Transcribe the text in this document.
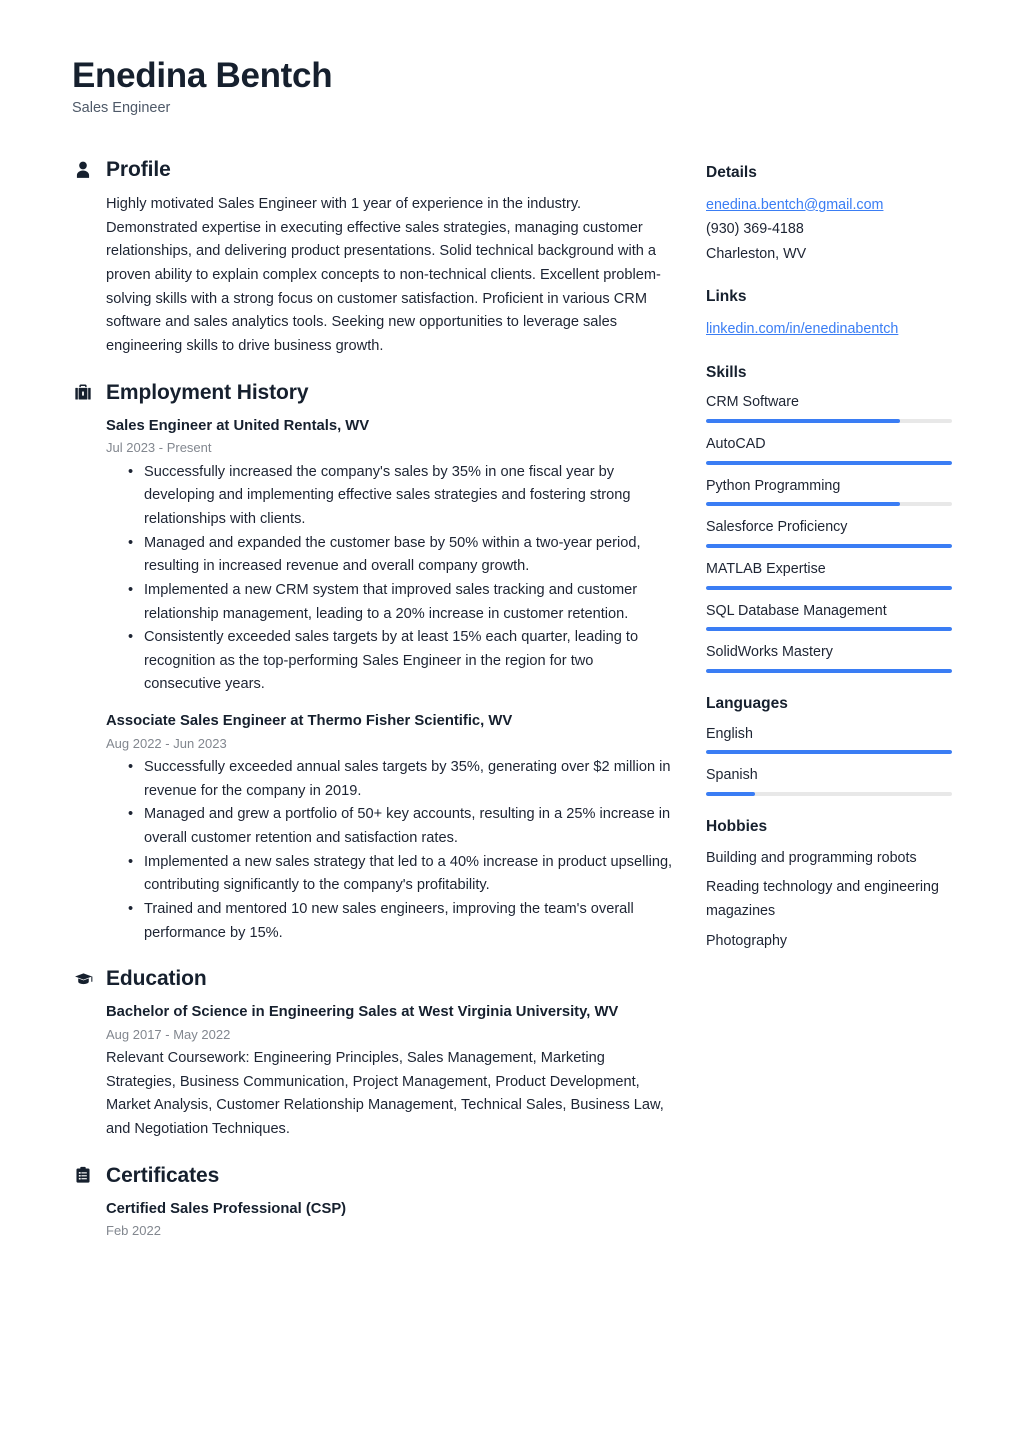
Enedina Bentch

Sales Engineer

Profile

Highly motivated Sales Engineer with 1 year of experience in the industry. Demonstrated expertise in executing effective sales strategies, managing customer relationships, and delivering product presentations. Solid technical background with a proven ability to explain complex concepts to non-technical clients. Excellent problem-solving skills with a strong focus on customer satisfaction. Proficient in various CRM software and sales analytics tools. Seeking new opportunities to leverage sales engineering skills to drive business growth.

Employment History
Sales Engineer at United Rentals, WV
Jul 2023 - Present
• Successfully increased the company's sales by 35% in one fiscal year by developing and implementing effective sales strategies and fostering strong relationships with clients.
• Managed and expanded the customer base by 50% within a two-year period, resulting in increased revenue and overall company growth.
• Implemented a new CRM system that improved sales tracking and customer relationship management, leading to a 20% increase in customer retention.
• Consistently exceeded sales targets by at least 15% each quarter, leading to recognition as the top-performing Sales Engineer in the region for two consecutive years.
Associate Sales Engineer at Thermo Fisher Scientific, WV
Aug 2022 - Jun 2023
• Successfully exceeded annual sales targets by 35%, generating over $2 million in revenue for the company in 2019.
• Managed and grew a portfolio of 50+ key accounts, resulting in a 25% increase in overall customer retention and satisfaction rates.
• Implemented a new sales strategy that led to a 40% increase in product upselling, contributing significantly to the company's profitability.
• Trained and mentored 10 new sales engineers, improving the team's overall performance by 15%.
Education
Bachelor of Science in Engineering Sales at West Virginia University, WV
Aug 2017 - May 2022

Relevant Coursework: Engineering Principles, Sales Management, Marketing Strategies, Business Communication, Project Management, Product Development, Market Analysis, Customer Relationship Management, Technical Sales, Business Law, and Negotiation Techniques.

Certificates
Certified Sales Professional (CSP)
Feb 2022
Details
enedina.bentch@gmail.com
(930) 369-4188
Charleston, WV
Links
linkedin.com/in/enedinabentch
Skills
CRM Software
AutoCAD
Python Programming
Salesforce Proficiency
MATLAB Expertise
SQL Database Management
SolidWorks Mastery
Languages
English
Spanish
Hobbies
Building and programming robots
Reading technology and engineering magazines
Photography
